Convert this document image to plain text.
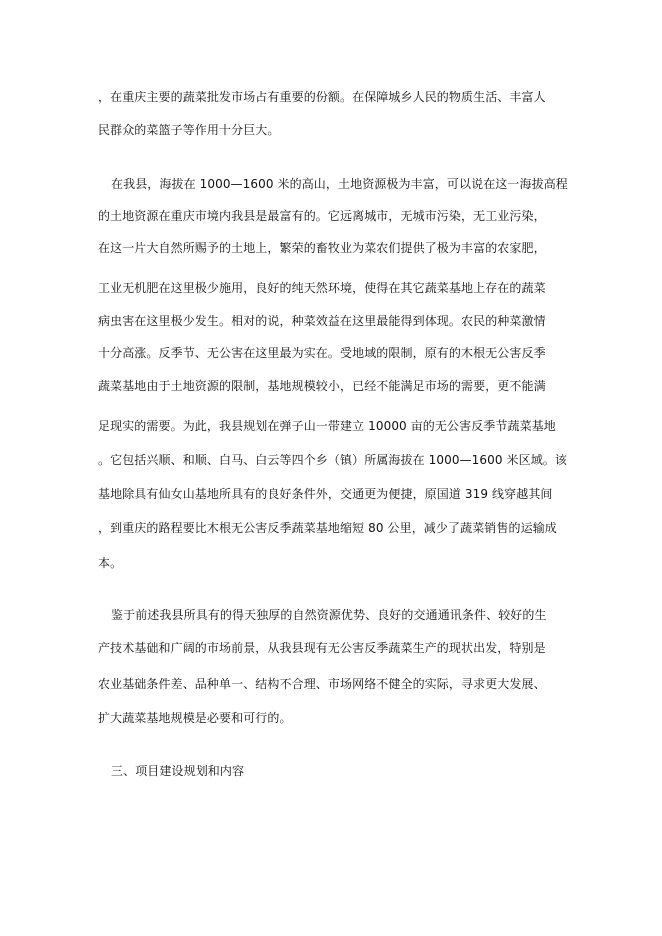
，在重庆主要的蔬菜批发市场占有重要的份额。在保障城乡人民的物质生活、丰富人
民群众的菜篮子等作用十分巨大。
在我县，海拔在 1000—1600 米的高山，土地资源极为丰富，可以说在这一海拔高程
的土地资源在重庆市境内我县是最富有的。它远离城市，无城市污染，无工业污染，
在这一片大自然所赐予的土地上，繁荣的畜牧业为菜农们提供了极为丰富的农家肥，
工业无机肥在这里极少施用，良好的纯天然环境，使得在其它蔬菜基地上存在的蔬菜
病虫害在这里极少发生。相对的说，种菜效益在这里最能得到体现。农民的种菜激情
十分高涨。反季节、无公害在这里最为实在。受地域的限制，原有的木根无公害反季
蔬菜基地由于土地资源的限制，基地规模较小，已经不能满足市场的需要，更不能满
足现实的需要。为此，我县规划在弹子山一带建立 10000 亩的无公害反季节蔬菜基地
。它包括兴顺、和顺、白马、白云等四个乡（镇）所属海拔在 1000—1600 米区域。该
基地除具有仙女山基地所具有的良好条件外，交通更为便捷，原国道 319 线穿越其间
，到重庆的路程要比木根无公害反季蔬菜基地缩短 80 公里，减少了蔬菜销售的运输成
本。
鉴于前述我县所具有的得天独厚的自然资源优势、良好的交通通讯条件、较好的生
产技术基础和广阔的市场前景，从我县现有无公害反季蔬菜生产的现状出发，特别是
农业基础条件差、品种单一、结构不合理、市场网络不健全的实际，寻求更大发展、
扩大蔬菜基地规模是必要和可行的。
三、项目建设规划和内容
